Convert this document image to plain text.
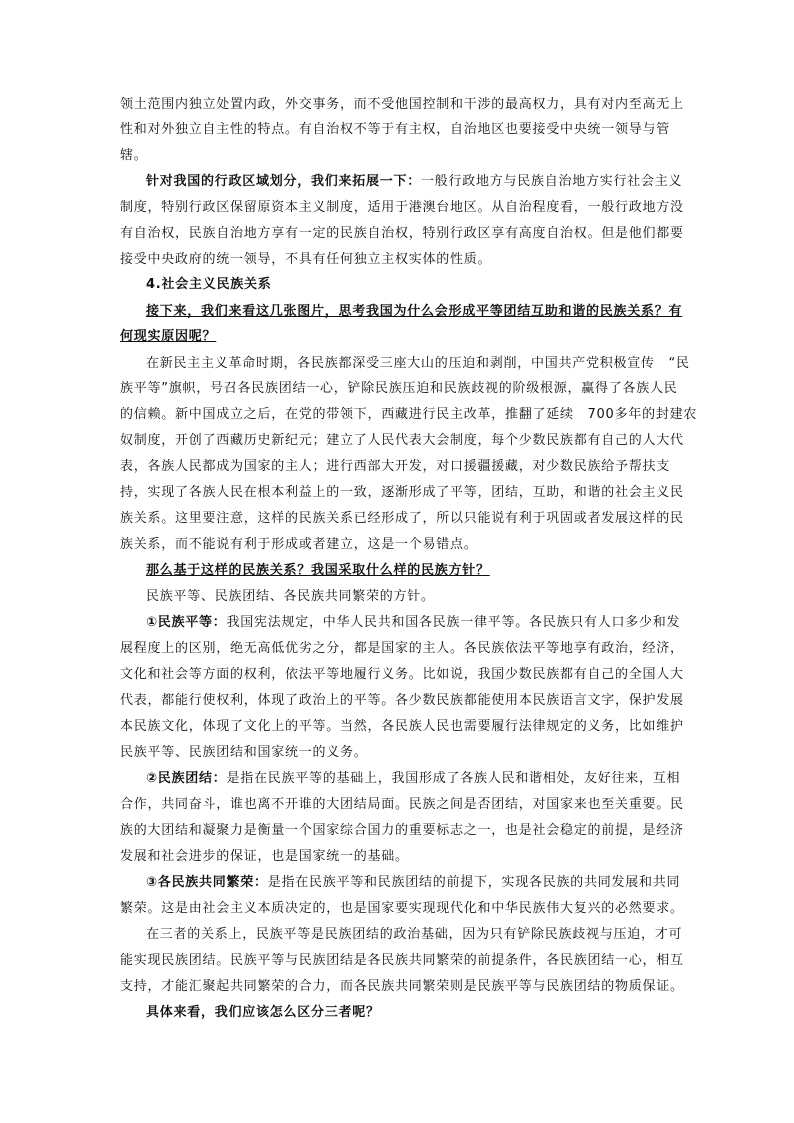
领土范围内独立处置内政，外交事务，而不受他国控制和干涉的最高权力，具有对内至高无上
性和对外独立自主性的特点。有自治权不等于有主权，自治地区也要接受中央统一领导与管
辖。
针对我国的行政区域划分，我们来拓展一下：一般行政地方与民族自治地方实行社会主义
制度，特别行政区保留原资本主义制度，适用于港澳台地区。从自治程度看，一般行政地方没
有自治权，民族自治地方享有一定的民族自治权，特别行政区享有高度自治权。但是他们都要
接受中央政府的统一领导，不具有任何独立主权实体的性质。
4.社会主义民族关系
接下来，我们来看这几张图片，思考我国为什么会形成平等团结互助和谐的民族关系？有
何现实原因呢？
在新民主主义革命时期，各民族都深受三座大山的压迫和剥削，中国共产党积极宣传　“民
族平等”旗帜，号召各民族团结一心，铲除民族压迫和民族歧视的阶级根源，赢得了各族人民
的信赖。新中国成立之后，在党的带领下，西藏进行民主改革，推翻了延续　700多年的封建农
奴制度，开创了西藏历史新纪元；建立了人民代表大会制度，每个少数民族都有自己的人大代
表，各族人民都成为国家的主人；进行西部大开发，对口援疆援藏，对少数民族给予帮扶支
持，实现了各族人民在根本利益上的一致，逐渐形成了平等，团结，互助，和谐的社会主义民
族关系。这里要注意，这样的民族关系已经形成了，所以只能说有利于巩固或者发展这样的民
族关系，而不能说有利于形成或者建立，这是一个易错点。
那么基于这样的民族关系？我国采取什么样的民族方针？
民族平等、民族团结、各民族共同繁荣的方针。
①民族平等：我国宪法规定，中华人民共和国各民族一律平等。各民族只有人口多少和发
展程度上的区别，绝无高低优劣之分，都是国家的主人。各民族依法平等地享有政治，经济，
文化和社会等方面的权利，依法平等地履行义务。比如说，我国少数民族都有自己的全国人大
代表，都能行使权利，体现了政治上的平等。各少数民族都能使用本民族语言文字，保护发展
本民族文化，体现了文化上的平等。当然，各民族人民也需要履行法律规定的义务，比如维护
民族平等、民族团结和国家统一的义务。
②民族团结：是指在民族平等的基础上，我国形成了各族人民和谐相处，友好往来，互相
合作，共同奋斗，谁也离不开谁的大团结局面。民族之间是否团结，对国家来也至关重要。民
族的大团结和凝聚力是衡量一个国家综合国力的重要标志之一，也是社会稳定的前提，是经济
发展和社会进步的保证，也是国家统一的基础。
③各民族共同繁荣：是指在民族平等和民族团结的前提下，实现各民族的共同发展和共同
繁荣。这是由社会主义本质决定的，也是国家要实现现代化和中华民族伟大复兴的必然要求。
在三者的关系上，民族平等是民族团结的政治基础，因为只有铲除民族歧视与压迫，才可
能实现民族团结。民族平等与民族团结是各民族共同繁荣的前提条件，各民族团结一心，相互
支持，才能汇聚起共同繁荣的合力，而各民族共同繁荣则是民族平等与民族团结的物质保证。
具体来看，我们应该怎么区分三者呢？
